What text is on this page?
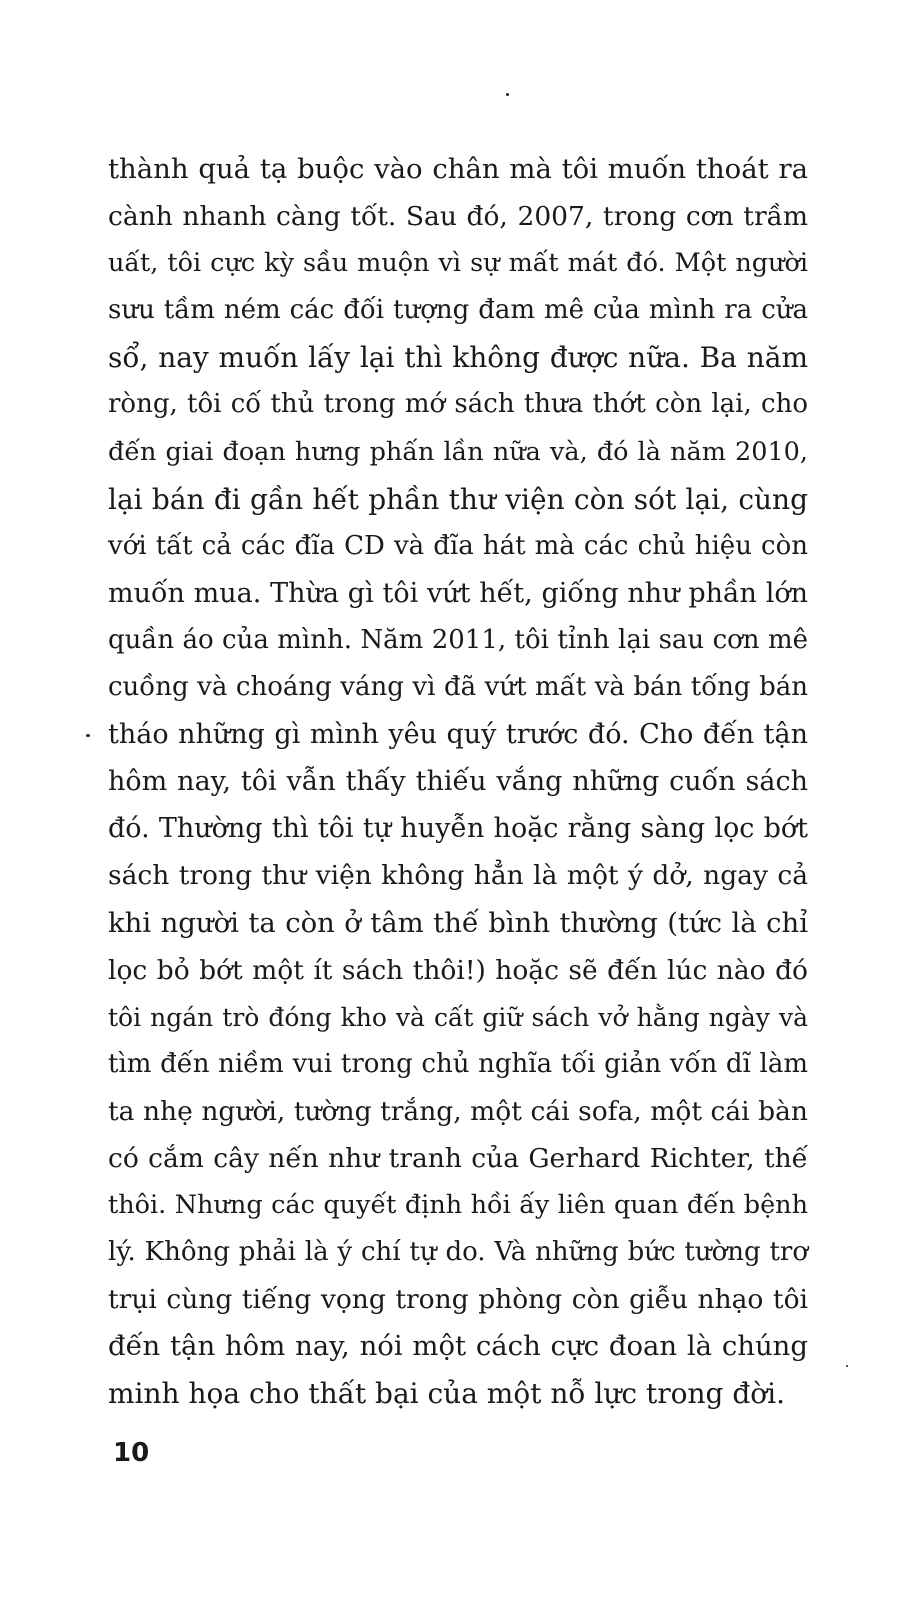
thành quả tạ buộc vào chân mà tôi muốn thoát ra
cành nhanh càng tốt. Sau đó, 2007, trong cơn trầm
uất, tôi cực kỳ sầu muộn vì sự mất mát đó. Một người
sưu tầm ném các đối tượng đam mê của mình ra cửa
sổ, nay muốn lấy lại thì không được nữa. Ba năm
ròng, tôi cố thủ trong mớ sách thưa thớt còn lại, cho
đến giai đoạn hưng phấn lần nữa và, đó là năm 2010,
lại bán đi gần hết phần thư viện còn sót lại, cùng
với tất cả các đĩa CD và đĩa hát mà các chủ hiệu còn
muốn mua. Thừa gì tôi vứt hết, giống như phần lớn
quần áo của mình. Năm 2011, tôi tỉnh lại sau cơn mê
cuồng và choáng váng vì đã vứt mất và bán tống bán
tháo những gì mình yêu quý trước đó. Cho đến tận
hôm nay, tôi vẫn thấy thiếu vắng những cuốn sách
đó. Thường thì tôi tự huyễn hoặc rằng sàng lọc bớt
sách trong thư viện không hẳn là một ý dở, ngay cả
khi người ta còn ở tâm thế bình thường (tức là chỉ
lọc bỏ bớt một ít sách thôi!) hoặc sẽ đến lúc nào đó
tôi ngán trò đóng kho và cất giữ sách vở hằng ngày và
tìm đến niềm vui trong chủ nghĩa tối giản vốn dĩ làm
ta nhẹ người, tường trắng, một cái sofa, một cái bàn
có cắm cây nến như tranh của Gerhard Richter, thế
thôi. Nhưng các quyết định hồi ấy liên quan đến bệnh
lý. Không phải là ý chí tự do. Và những bức tường trơ
trụi cùng tiếng vọng trong phòng còn giễu nhạo tôi
đến tận hôm nay, nói một cách cực đoan là chúng
minh họa cho thất bại của một nỗ lực trong đời.
10
